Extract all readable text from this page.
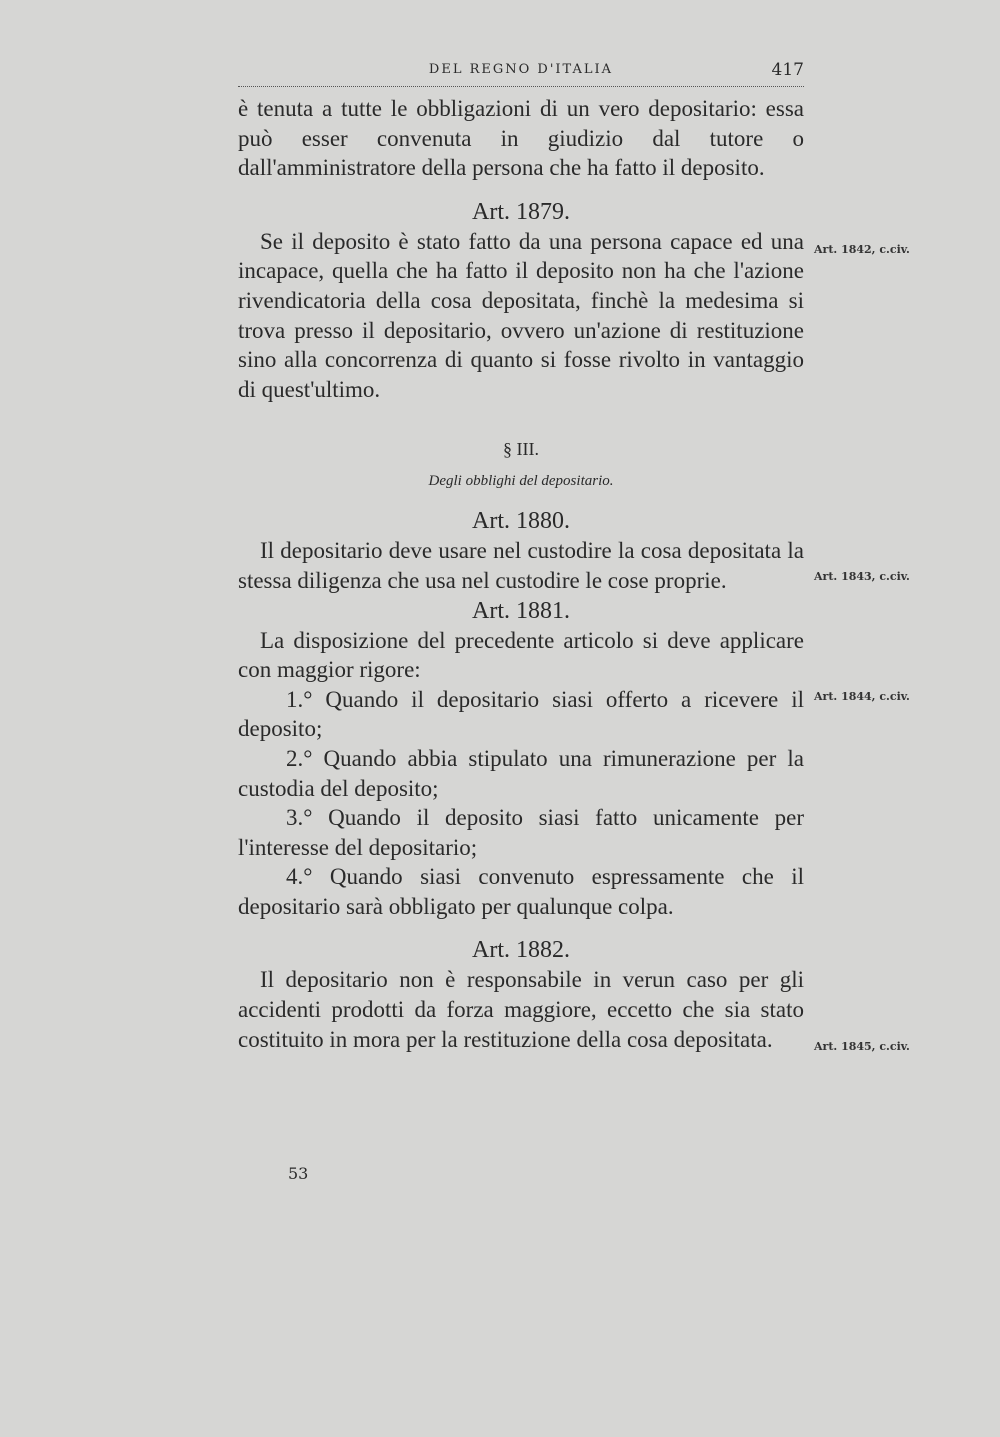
DEL REGNO D'ITALIA	417

è tenuta a tutte le obbligazioni di un vero depositario: essa può esser convenuta in giudizio dal tutore o dall'amministratore della persona che ha fatto il deposito.

Art. 1879.

Se il deposito è stato fatto da una persona capace ed una incapace, quella che ha fatto il deposito non ha che l'azione rivendicatoria della cosa depositata, finchè la medesima si trova presso il depositario, ovvero un'azione di restituzione sino alla concorrenza di quanto si fosse rivolto in vantaggio di quest'ultimo.

§ III.
Degli obblighi del depositario.
Art. 1880.

Il depositario deve usare nel custodire la cosa depositata la stessa diligenza che usa nel custodire le cose proprie.

Art. 1881.

La disposizione del precedente articolo si deve applicare con maggior rigore:

1.° Quando il depositario siasi offerto a ricevere il deposito;

2.° Quando abbia stipulato una rimunerazione per la custodia del deposito;

3.° Quando il deposito siasi fatto unicamente per l'interesse del depositario;

4.° Quando siasi convenuto espressamente che il depositario sarà obbligato per qualunque colpa.

Art. 1882.

Il depositario non è responsabile in verun caso per gli accidenti prodotti da forza maggiore, eccetto che sia stato costituito in mora per la restituzione della cosa depositata.

Art. 1842, c.civ.
Art. 1843, c.civ.
Art. 1844, c.civ.
Art. 1845, c.civ.
53
